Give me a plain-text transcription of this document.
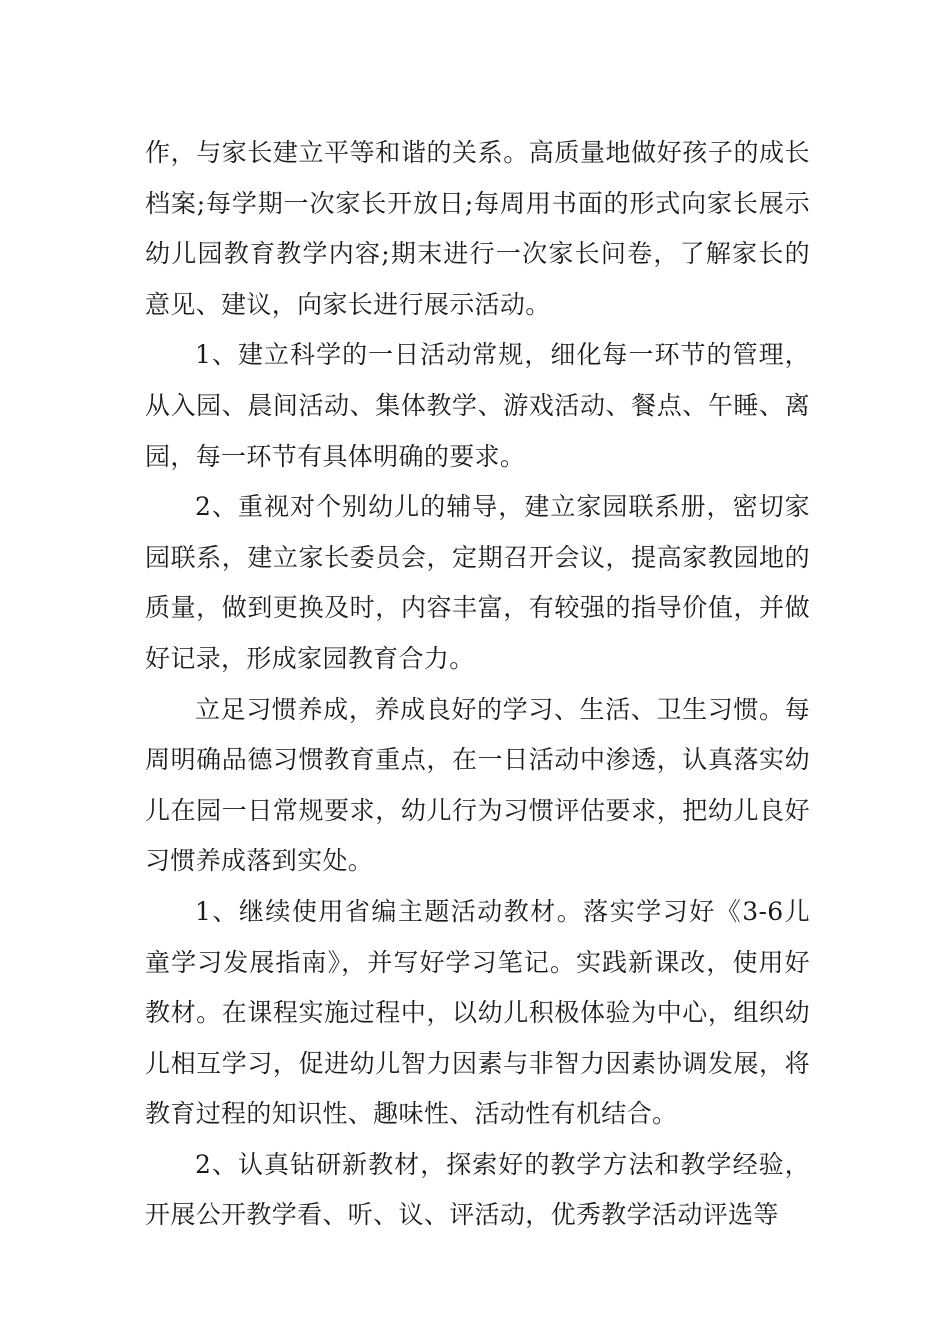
作，与家长建立平等和谐的关系。高质量地做好孩子的成长档案;每学期一次家长开放日;每周用书面的形式向家长展示幼儿园教育教学内容;期末进行一次家长问卷，了解家长的意见、建议，向家长进行展示活动。

1、建立科学的一日活动常规，细化每一环节的管理，从入园、晨间活动、集体教学、游戏活动、餐点、午睡、离园，每一环节有具体明确的要求。

2、重视对个别幼儿的辅导，建立家园联系册，密切家园联系，建立家长委员会，定期召开会议，提高家教园地的质量，做到更换及时，内容丰富，有较强的指导价值，并做好记录，形成家园教育合力。

立足习惯养成，养成良好的学习、生活、卫生习惯。每周明确品德习惯教育重点，在一日活动中渗透，认真落实幼儿在园一日常规要求，幼儿行为习惯评估要求，把幼儿良好习惯养成落到实处。

1、继续使用省编主题活动教材。落实学习好《3-6儿童学习发展指南》，并写好学习笔记。实践新课改，使用好教材。在课程实施过程中，以幼儿积极体验为中心，组织幼儿相互学习，促进幼儿智力因素与非智力因素协调发展，将教育过程的知识性、趣味性、活动性有机结合。

2、认真钻研新教材，探索好的教学方法和教学经验，开展公开教学看、听、议、评活动，优秀教学活动评选等
